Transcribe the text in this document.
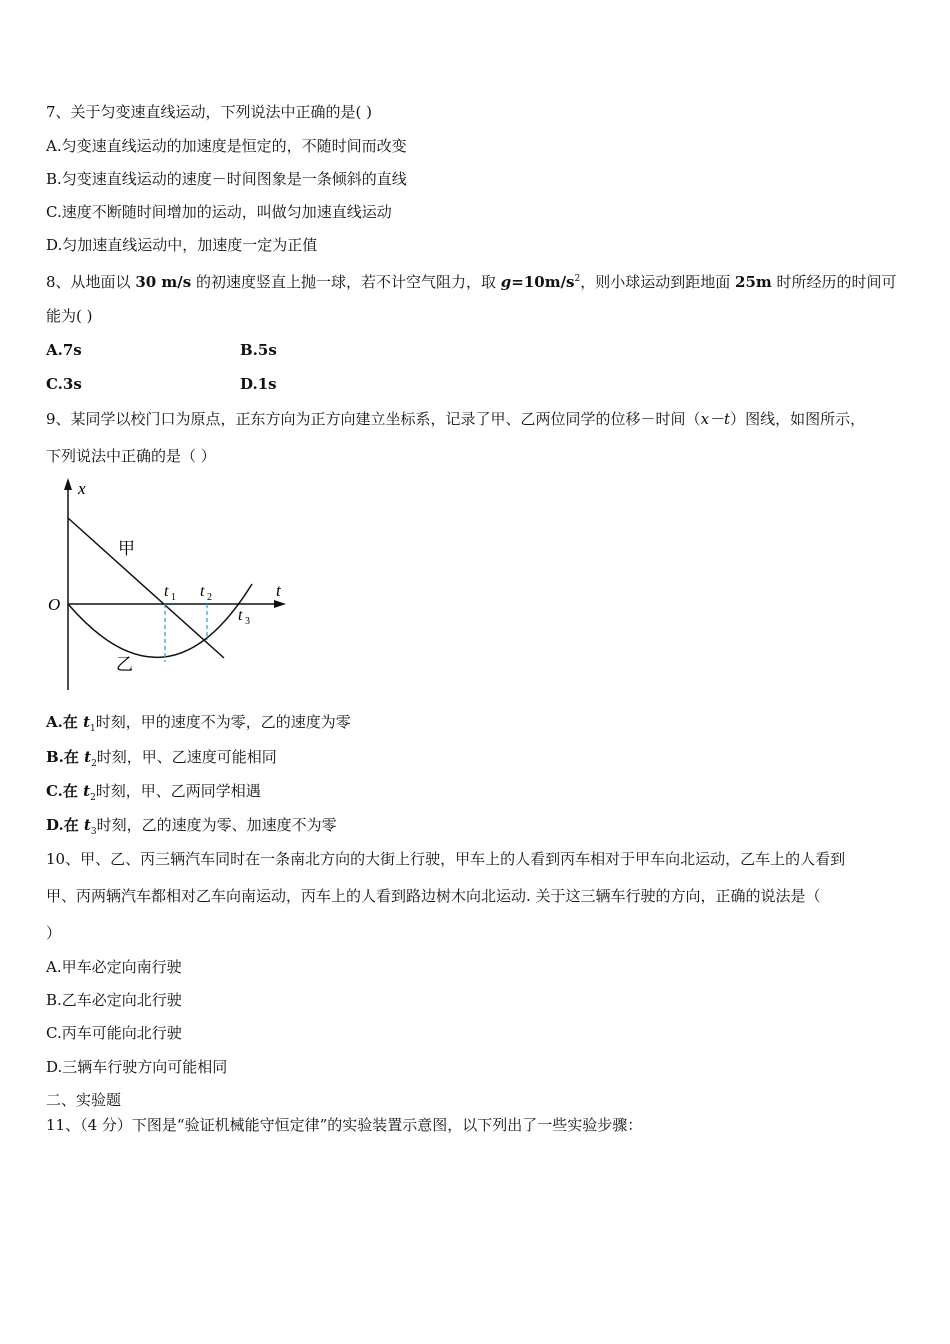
7、关于匀变速直线运动，下列说法中正确的是( )
A.匀变速直线运动的加速度是恒定的，不随时间而改变
B.匀变速直线运动的速度－时间图象是一条倾斜的直线
C.速度不断随时间增加的运动，叫做匀加速直线运动
D.匀加速直线运动中，加速度一定为正值
8、从地面以 30 m/s 的初速度竖直上抛一球，若不计空气阻力，取 $g=10m/s^2$，则小球运动到距地面 25m 时所经历的时间可
能为( )
A.7s	B.5s
C.3s	D.1s
9、某同学以校门口为原点，正东方向为正方向建立坐标系，记录了甲、乙两位同学的位移－时间（x－t）图线，如图所示，
下列说法中正确的是（ ）
x
t
O
甲
乙
t 1 t 2
t 3
A.在 $t_1$时刻，甲的速度不为零，乙的速度为零
B.在 $t_2$时刻，甲、乙速度可能相同
C.在 $t_2$时刻，甲、乙两同学相遇
D.在 $t_3$时刻，乙的速度为零、加速度不为零
10、甲、乙、丙三辆汽车同时在一条南北方向的大街上行驶，甲车上的人看到丙车相对于甲车向北运动，乙车上的人看到
甲、丙两辆汽车都相对乙车向南运动，丙车上的人看到路边树木向北运动. 关于这三辆车行驶的方向，正确的说法是（
）
A.甲车必定向南行驶
B.乙车必定向北行驶
C.丙车可能向北行驶
D.三辆车行驶方向可能相同
二、实验题
11、（4 分）下图是“验证机械能守恒定律”的实验装置示意图，以下列出了一些实验步骤：
